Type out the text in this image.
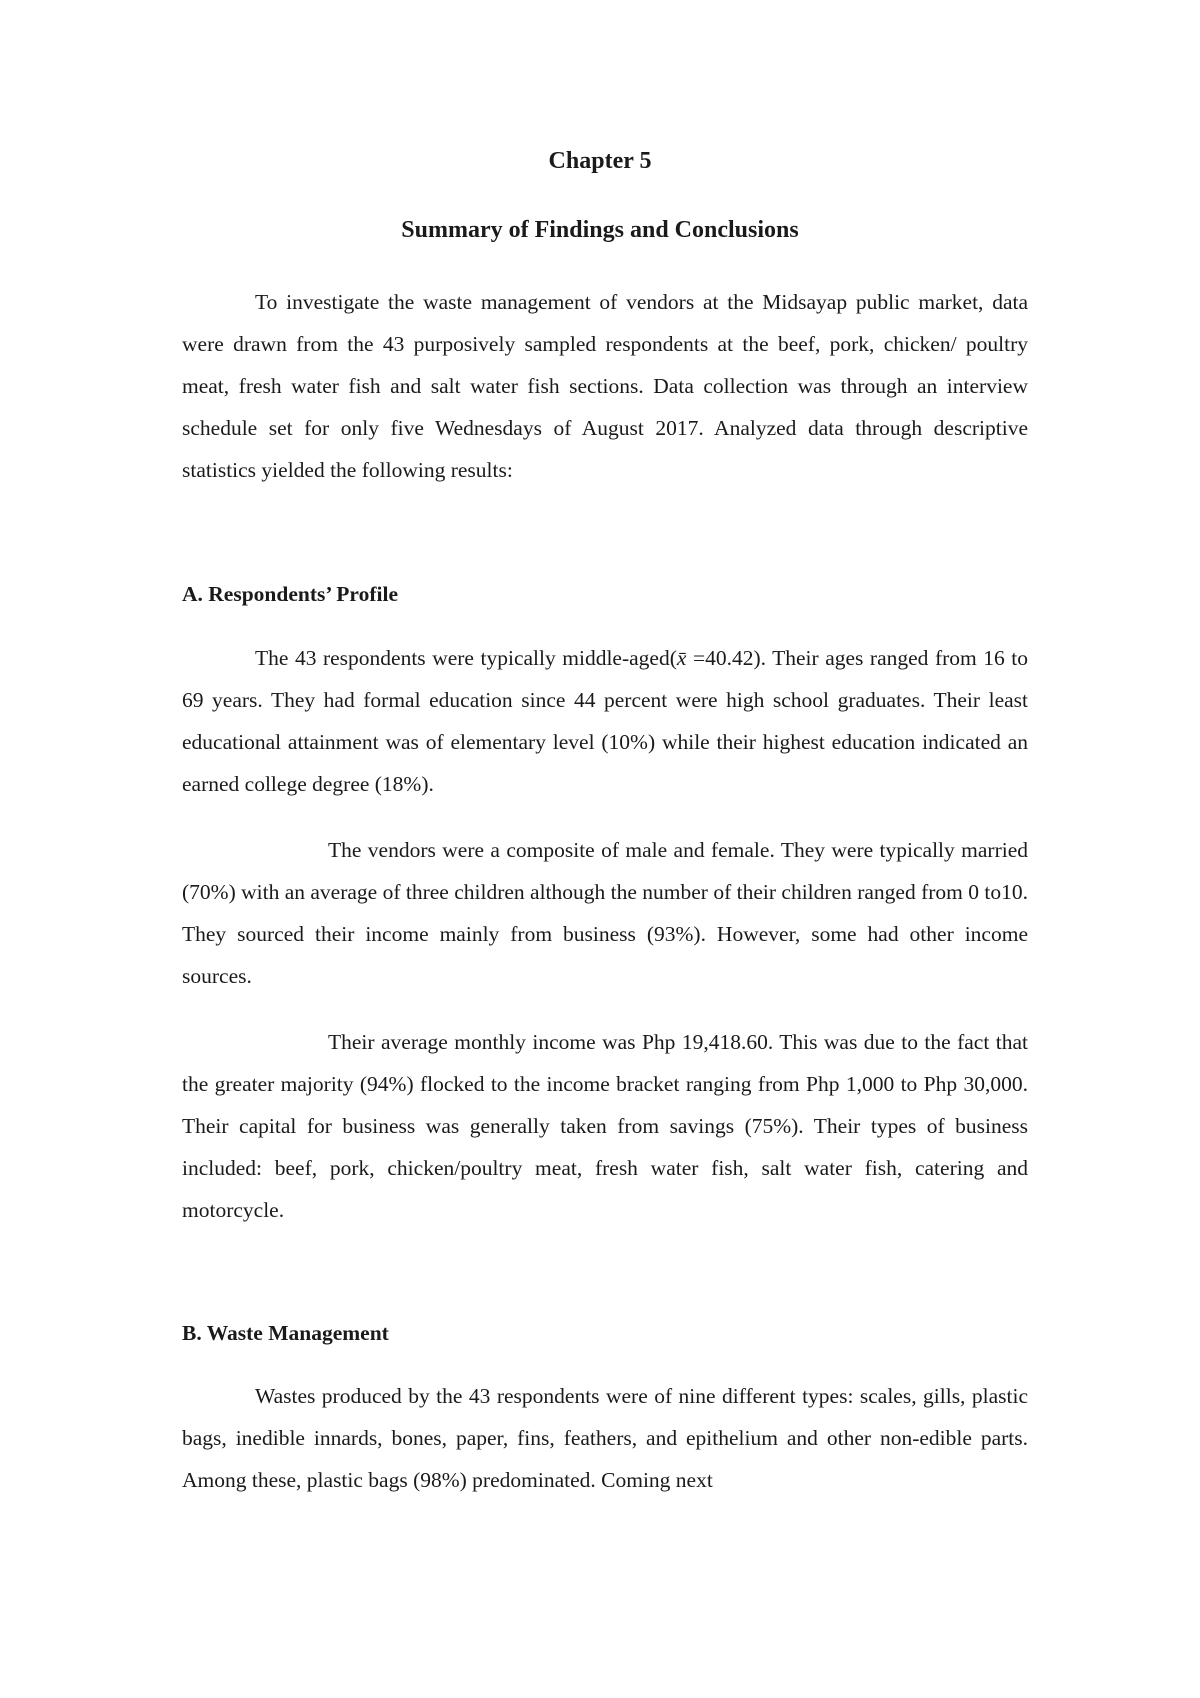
Chapter 5
Summary of Findings and Conclusions

To investigate the waste management of vendors at the Midsayap public market, data were drawn from the 43 purposively sampled respondents at the beef, pork, chicken/ poultry meat, fresh water fish and salt water fish sections. Data collection was through an interview schedule set for only five Wednesdays of August 2017. Analyzed data through descriptive statistics yielded the following results:

A. Respondents’ Profile

The 43 respondents were typically middle-aged(x̄ =40.42). Their ages ranged from 16 to 69 years. They had formal education since 44 percent were high school graduates. Their least educational attainment was of elementary level (10%) while their highest education indicated an earned college degree (18%).

The vendors were a composite of male and female. They were typically married (70%) with an average of three children although the number of their children ranged from 0 to10. They sourced their income mainly from business (93%). However, some had other income sources.

Their average monthly income was Php 19,418.60. This was due to the fact that the greater majority (94%) flocked to the income bracket ranging from Php 1,000 to Php 30,000. Their capital for business was generally taken from savings (75%). Their types of business included: beef, pork, chicken/poultry meat, fresh water fish, salt water fish, catering and motorcycle.

B. Waste Management

Wastes produced by the 43 respondents were of nine different types: scales, gills, plastic bags, inedible innards, bones, paper, fins, feathers, and epithelium and other non-edible parts. Among these, plastic bags (98%) predominated. Coming next
